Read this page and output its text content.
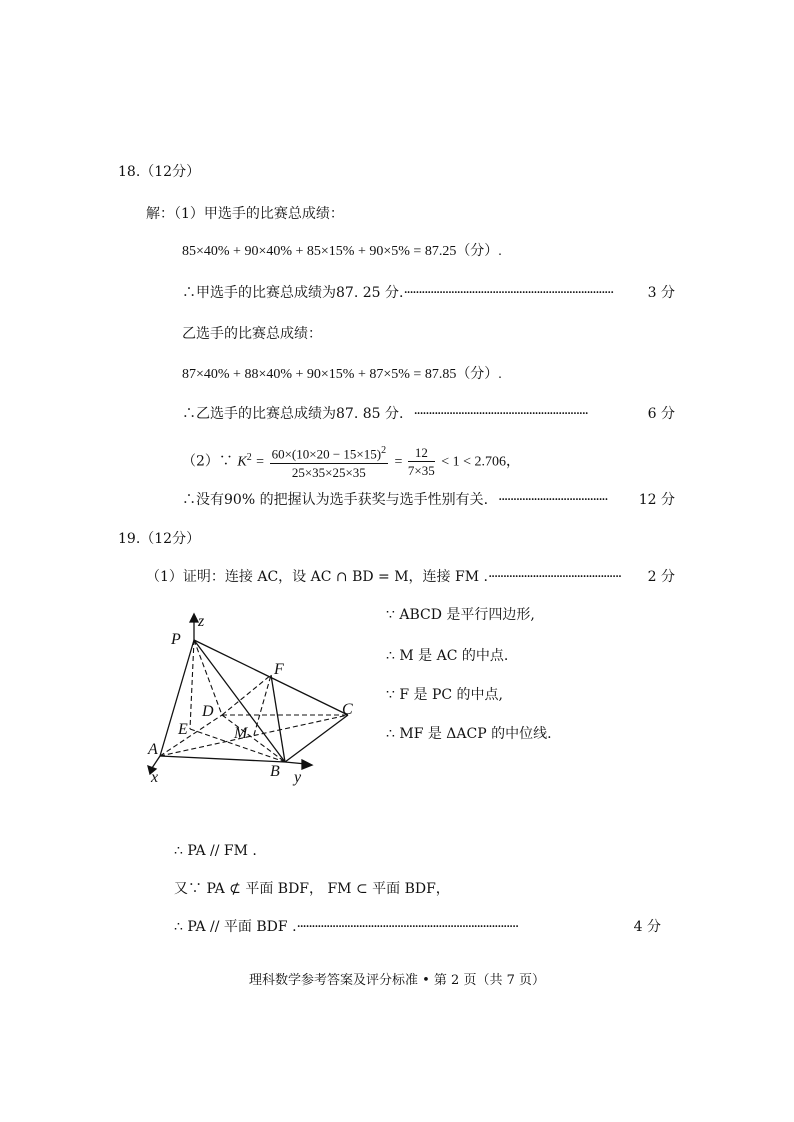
18.（12分）
解：（1）甲选手的比赛总成绩：
85×40% + 90×40% + 85×15% + 90×5% = 87.25（分）.
∴甲选手的比赛总成绩为87. 25 分.······································································· 3 分
乙选手的比赛总成绩：
87×40% + 88×40% + 90×15% + 87×5% = 87.85（分）.
∴乙选手的比赛总成绩为87. 85 分. ···························································	6 分
（2）∵ $K^2 = \frac{60\times(10\times 20 - 15\times 15)^2}{25\times 35\times 25\times 35} = \frac{12}{7\times 35} < 1 < 2.706$，
∴没有90% 的把握认为选手获奖与选手性别有关. ····································· 12 分
19.（12分）
（1）证明：连接 AC，设 AC ∩ BD = M，连接 FM .············································· 2 分
z
P
F
D	C
E	M
A
B
x	y
∵ ABCD 是平行四边形,
∴ M 是 AC 的中点.
∵ F 是 PC 的中点,
∴ MF 是 ΔACP 的中位线.
∴ PA // FM .
又∵ PA ⊄ 平面 BDF， FM ⊂ 平面 BDF，
∴ PA // 平面 BDF .···········································································	4 分
理科数学参考答案及评分标准 • 第 2 页（共 7 页）
